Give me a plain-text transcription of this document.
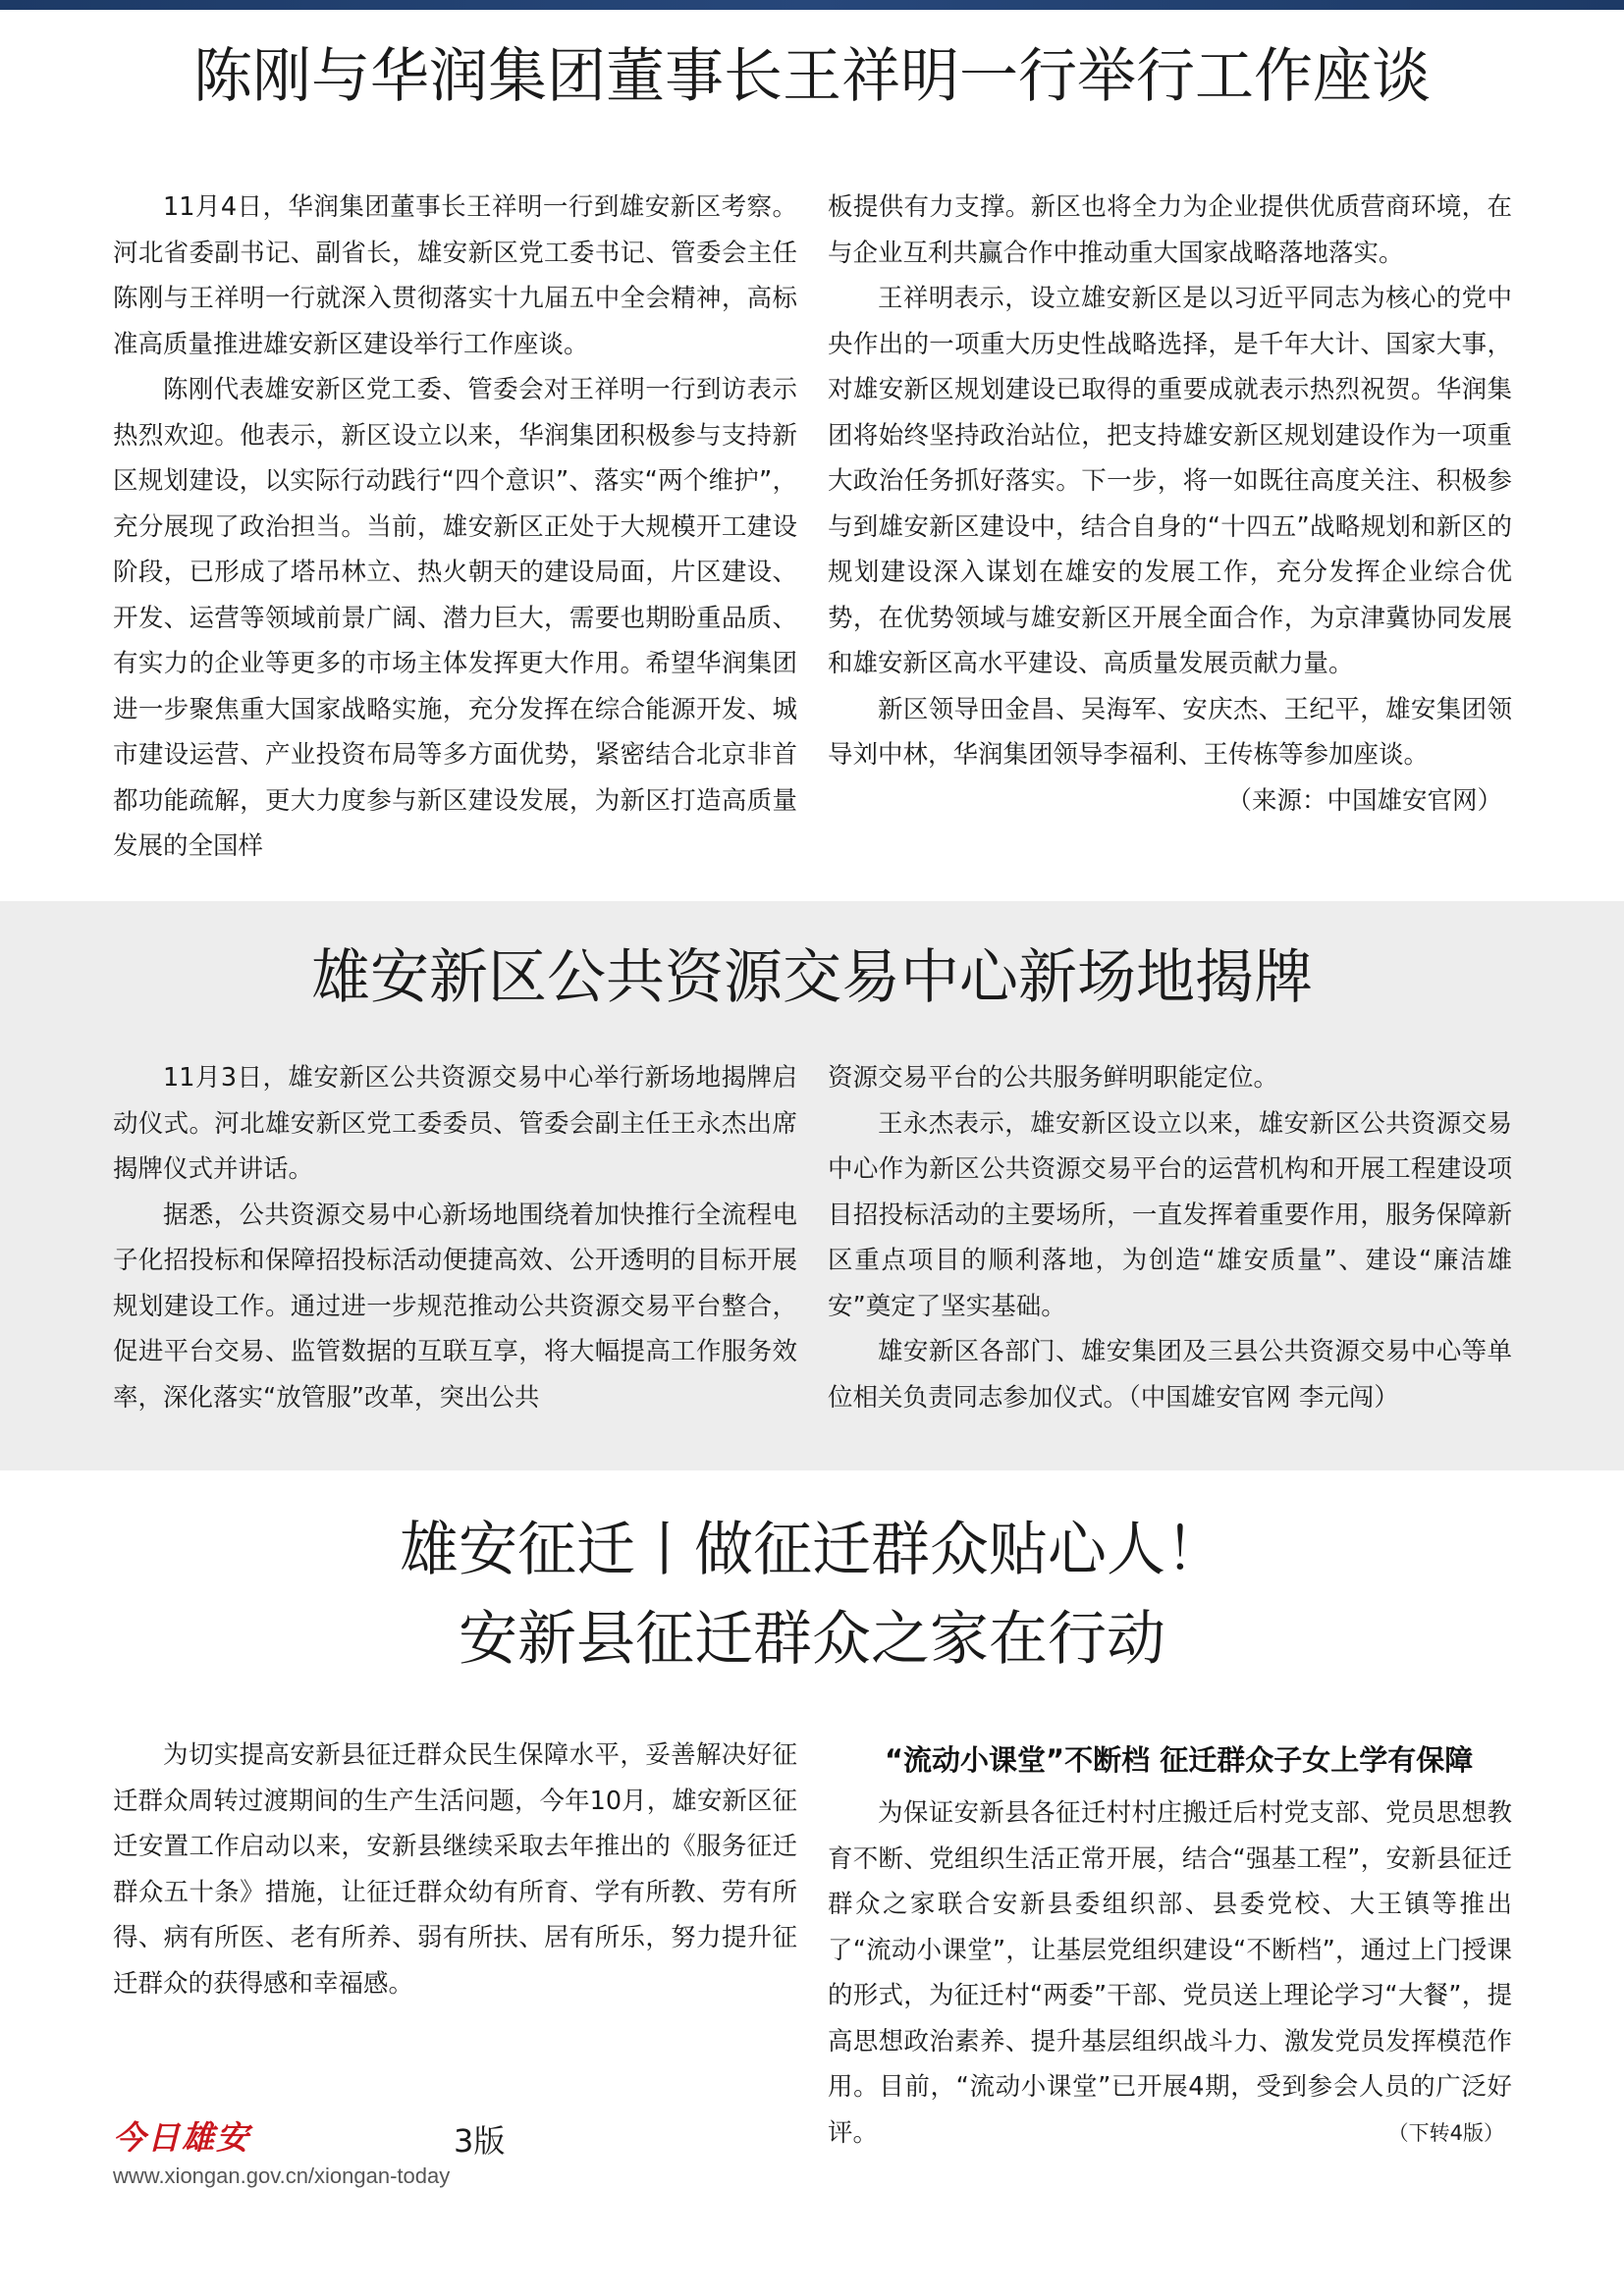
陈刚与华润集团董事长王祥明一行举行工作座谈

11月4日，华润集团董事长王祥明一行到雄安新区考察。河北省委副书记、副省长，雄安新区党工委书记、管委会主任陈刚与王祥明一行就深入贯彻落实十九届五中全会精神，高标准高质量推进雄安新区建设举行工作座谈。

陈刚代表雄安新区党工委、管委会对王祥明一行到访表示热烈欢迎。他表示，新区设立以来，华润集团积极参与支持新区规划建设，以实际行动践行“四个意识”、落实“两个维护”，充分展现了政治担当。当前，雄安新区正处于大规模开工建设阶段，已形成了塔吊林立、热火朝天的建设局面，片区建设、开发、运营等领域前景广阔、潜力巨大，需要也期盼重品质、有实力的企业等更多的市场主体发挥更大作用。希望华润集团进一步聚焦重大国家战略实施，充分发挥在综合能源开发、城市建设运营、产业投资布局等多方面优势，紧密结合北京非首都功能疏解，更大力度参与新区建设发展，为新区打造高质量发展的全国样

板提供有力支撑。新区也将全力为企业提供优质营商环境，在与企业互利共赢合作中推动重大国家战略落地落实。

王祥明表示，设立雄安新区是以习近平同志为核心的党中央作出的一项重大历史性战略选择，是千年大计、国家大事，对雄安新区规划建设已取得的重要成就表示热烈祝贺。华润集团将始终坚持政治站位，把支持雄安新区规划建设作为一项重大政治任务抓好落实。下一步，将一如既往高度关注、积极参与到雄安新区建设中，结合自身的“十四五”战略规划和新区的规划建设深入谋划在雄安的发展工作，充分发挥企业综合优势，在优势领域与雄安新区开展全面合作，为京津冀协同发展和雄安新区高水平建设、高质量发展贡献力量。

新区领导田金昌、吴海军、安庆杰、王纪平，雄安集团领导刘中林，华润集团领导李福利、王传栋等参加座谈。
（来源：中国雄安官网）

雄安新区公共资源交易中心新场地揭牌

11月3日，雄安新区公共资源交易中心举行新场地揭牌启动仪式。河北雄安新区党工委委员、管委会副主任王永杰出席揭牌仪式并讲话。

据悉，公共资源交易中心新场地围绕着加快推行全流程电子化招投标和保障招投标活动便捷高效、公开透明的目标开展规划建设工作。通过进一步规范推动公共资源交易平台整合，促进平台交易、监管数据的互联互享，将大幅提高工作服务效率，深化落实“放管服”改革，突出公共

资源交易平台的公共服务鲜明职能定位。

王永杰表示，雄安新区设立以来，雄安新区公共资源交易中心作为新区公共资源交易平台的运营机构和开展工程建设项目招投标活动的主要场所，一直发挥着重要作用，服务保障新区重点项目的顺利落地，为创造“雄安质量”、建设“廉洁雄安”奠定了坚实基础。

雄安新区各部门、雄安集团及三县公共资源交易中心等单位相关负责同志参加仪式。（中国雄安官网 李元闯）

雄安征迁丨做征迁群众贴心人！
安新县征迁群众之家在行动

为切实提高安新县征迁群众民生保障水平，妥善解决好征迁群众周转过渡期间的生产生活问题，今年10月，雄安新区征迁安置工作启动以来，安新县继续采取去年推出的《服务征迁群众五十条》措施，让征迁群众幼有所育、学有所教、劳有所得、病有所医、老有所养、弱有所扶、居有所乐，努力提升征迁群众的获得感和幸福感。

“流动小课堂”不断档 征迁群众子女上学有保障

为保证安新县各征迁村村庄搬迁后村党支部、党员思想教育不断、党组织生活正常开展，结合“强基工程”，安新县征迁群众之家联合安新县委组织部、县委党校、大王镇等推出了“流动小课堂”，让基层党组织建设“不断档”，通过上门授课的形式，为征迁村“两委”干部、党员送上理论学习“大餐”，提高思想政治素养、提升基层组织战斗力、激发党员发挥模范作用。目前，“流动小课堂”已开展4期，受到参会人员的广泛好评。	（下转4版）

今日雄安	3版
www.xiongan.gov.cn/xiongan-today
